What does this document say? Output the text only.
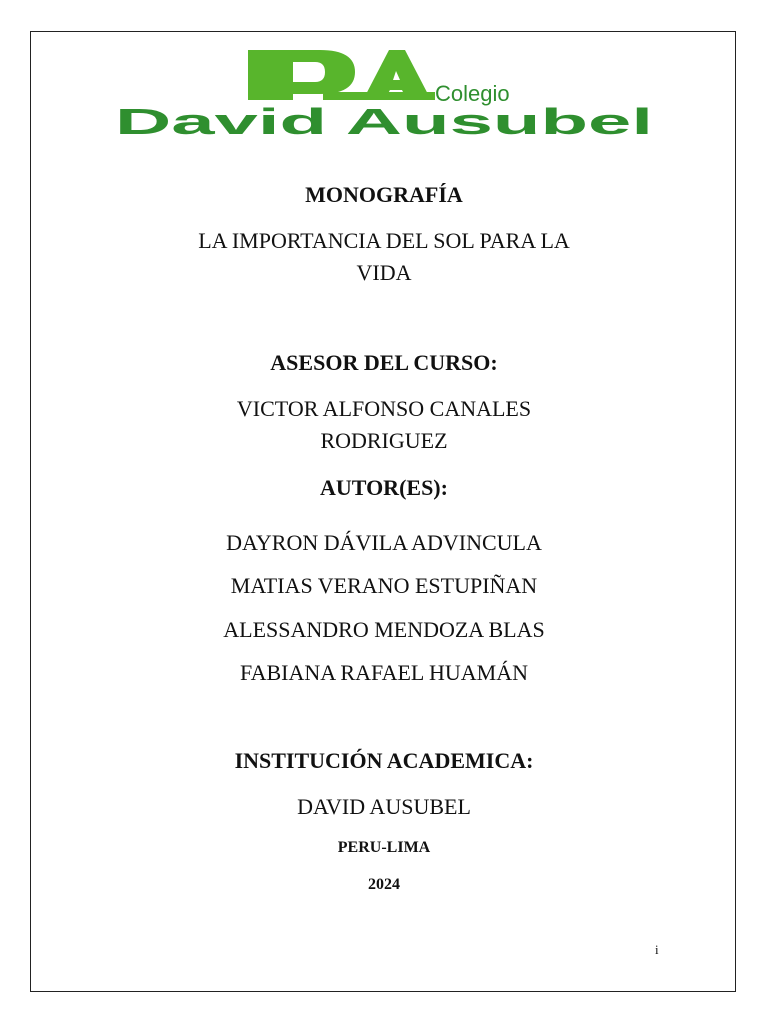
Colegio
David Ausubel
MONOGRAFÍA
LA IMPORTANCIA DEL SOL PARA LA
VIDA
ASESOR DEL CURSO:
VICTOR ALFONSO CANALES
RODRIGUEZ
AUTOR(ES):
DAYRON DÁVILA ADVINCULA
MATIAS VERANO ESTUPIÑAN
ALESSANDRO MENDOZA BLAS
FABIANA RAFAEL HUAMÁN
INSTITUCIÓN ACADEMICA:
DAVID AUSUBEL
PERU-LIMA
2024
i
